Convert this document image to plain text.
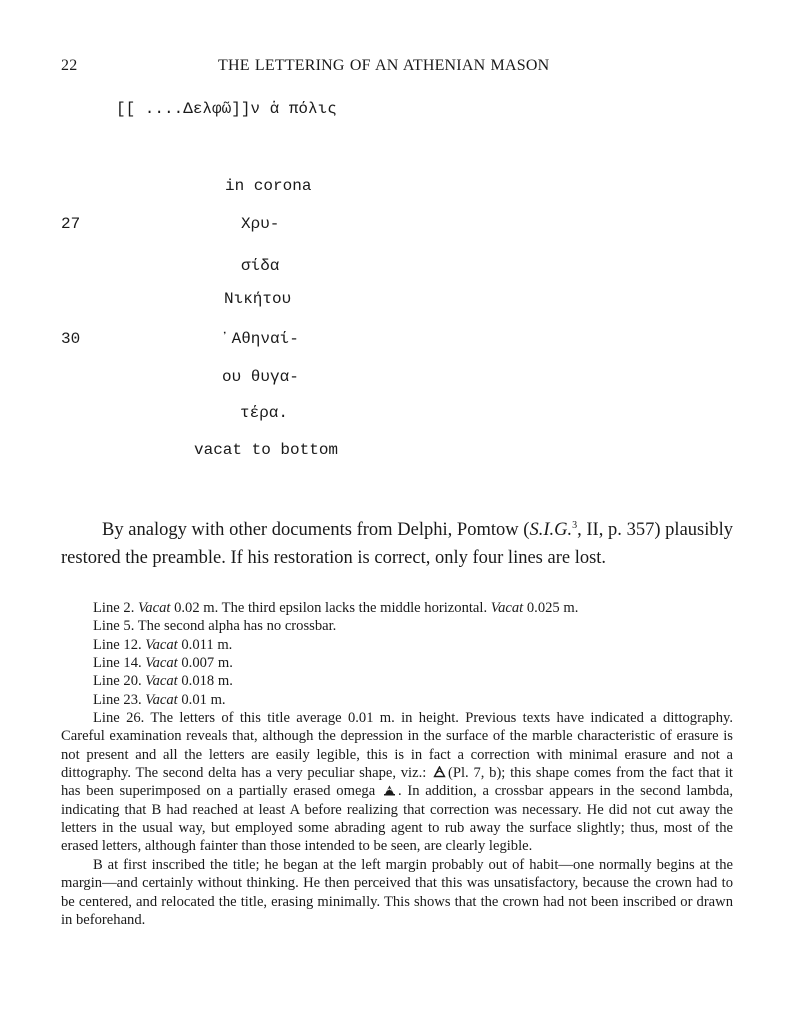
22	THE LETTERING OF AN ATHENIAN MASON
[[ ....Δελφῶ]]ν ἁ πόλις
in corona
27	Χρυ-
σίδα
Νικήτου
30	᾽Αθηναί-
ου θυγα-
τέρα.
vacat to bottom
By analogy with other documents from Delphi, Pomtow (S.I.G.$^3$, II, p. 357) plausibly restored the preamble. If his restoration is correct, only four lines are lost.
Line 2. Vacat 0.02 m. The third epsilon lacks the middle horizontal. Vacat 0.025 m.
Line 5. The second alpha has no crossbar.
Line 12. Vacat 0.011 m.
Line 14. Vacat 0.007 m.
Line 20. Vacat 0.018 m.
Line 23. Vacat 0.01 m.
Line 26. The letters of this title average 0.01 m. in height. Previous texts have indicated a dittography. Careful examination reveals that, although the depression in the surface of the marble characteristic of erasure is not present and all the letters are easily legible, this is in fact a correction with minimal erasure and not a dittography. The second delta has a very peculiar shape, viz.: (Pl. 7, b); this shape comes from the fact that it has been superimposed on a partially erased omega . In addition, a crossbar appears in the second lambda, indicating that B had reached at least A before realizing that correction was necessary. He did not cut away the letters in the usual way, but employed some abrading agent to rub away the surface slightly; thus, most of the erased letters, although fainter than those intended to be seen, are clearly legible.
B at first inscribed the title; he began at the left margin probably out of habit—one normally begins at the margin—and certainly without thinking. He then perceived that this was unsatisfactory, because the crown had to be centered, and relocated the title, erasing minimally. This shows that the crown had not been inscribed or drawn in beforehand.
